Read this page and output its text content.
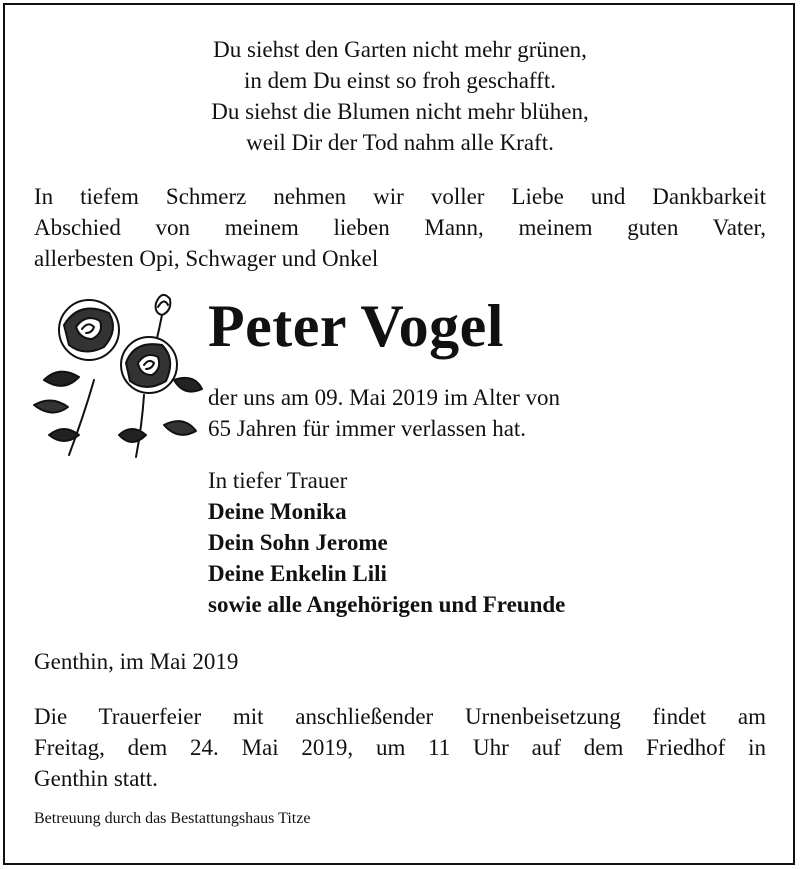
Du siehst den Garten nicht mehr grünen,
in dem Du einst so froh geschafft.
Du siehst die Blumen nicht mehr blühen,
weil Dir der Tod nahm alle Kraft.
In tiefem Schmerz nehmen wir voller Liebe und Dankbarkeit
Abschied von meinem lieben Mann, meinem guten Vater,
allerbesten Opi, Schwager und Onkel
Peter Vogel
der uns am 09. Mai 2019 im Alter von
65 Jahren für immer verlassen hat.
In tiefer Trauer
Deine Monika
Dein Sohn Jerome
Deine Enkelin Lili
sowie alle Angehörigen und Freunde
Genthin, im Mai 2019
Die Trauerfeier mit anschließender Urnenbeisetzung findet am
Freitag, dem 24. Mai 2019, um 11 Uhr auf dem Friedhof in
Genthin statt.
Betreuung durch das Bestattungshaus Titze
